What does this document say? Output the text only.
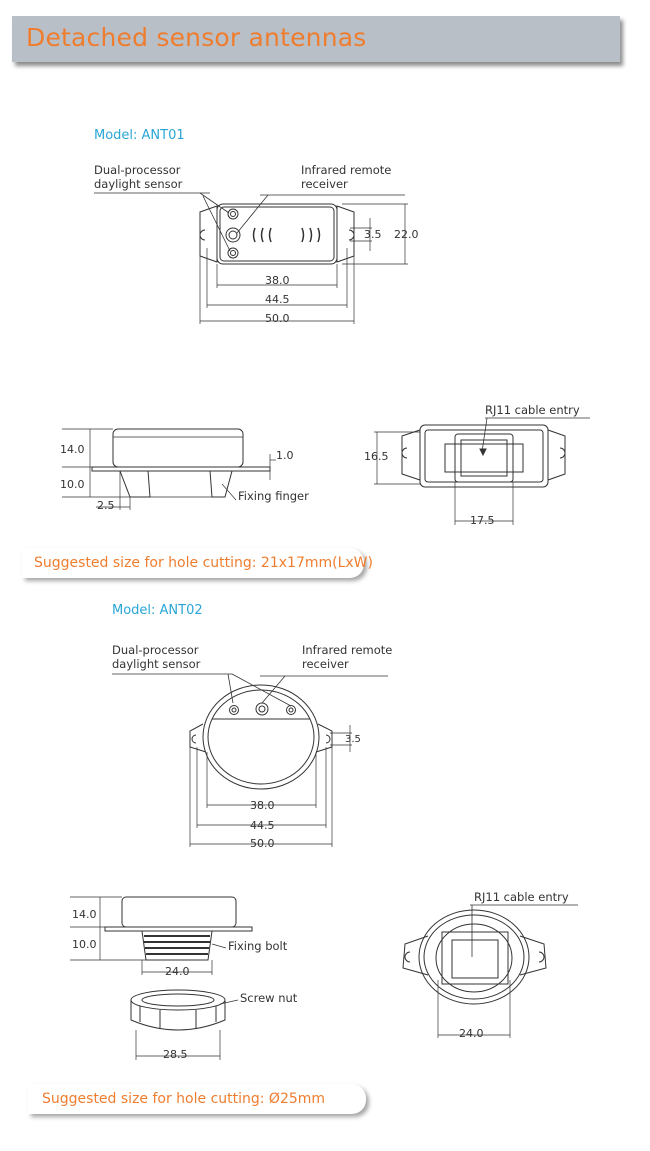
Detached sensor antennas
Model: ANT01
Model: ANT02
Suggested size for hole cutting: 21x17mm(LxW)
Suggested size for hole cutting: Ø25mm
Dual-processor
daylight sensor
Infrared remote
receiver
22.0
3.5
38.0
44.5
50.0
14.0
10.0
2.5
1.0
Fixing finger
RJ11 cable entry
16.5
17.5
Dual-processor
daylight sensor
Infrared remote
receiver
3.5
38.0
44.5
50.0
14.0
10.0	Fixing bolt
24.0
Screw nut
28.5
RJ11 cable entry
24.0
